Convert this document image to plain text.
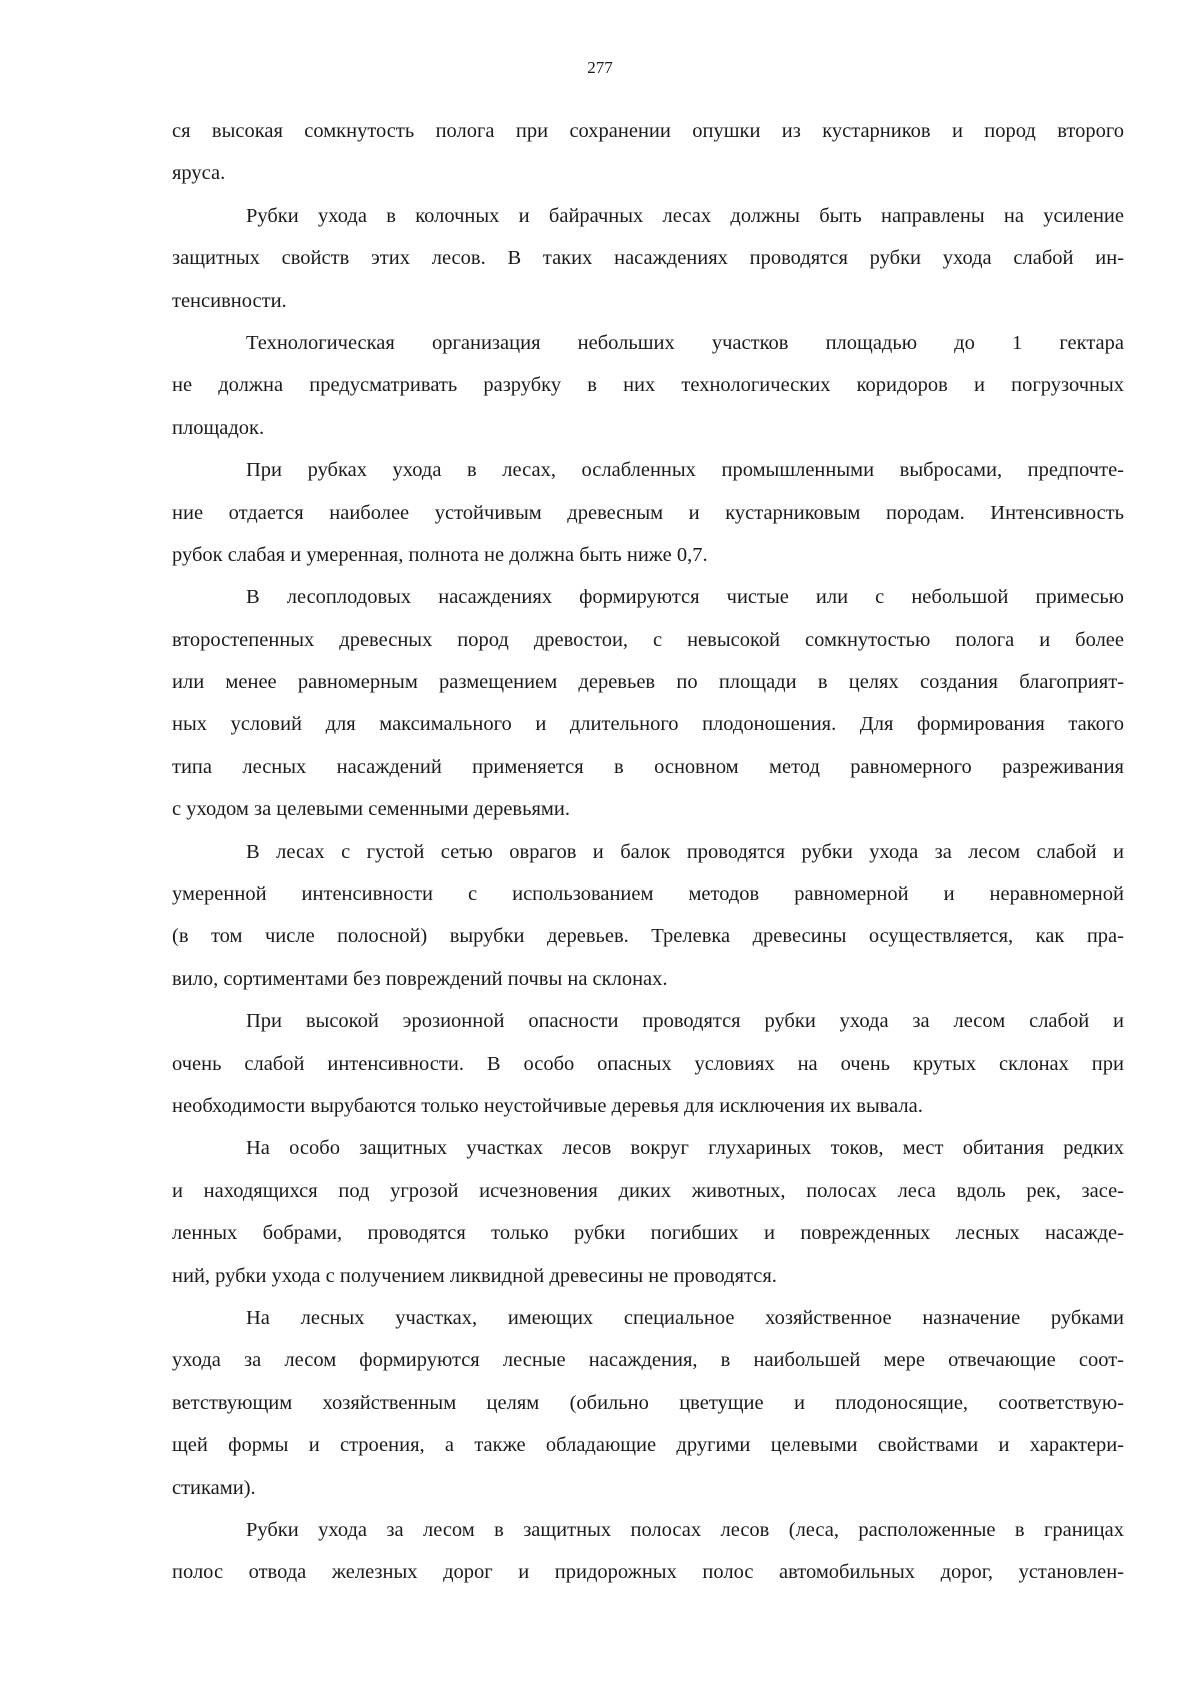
277
ся высокая сомкнутость полога при сохранении опушки из кустарников и пород второго
яруса.
Рубки ухода в колочных и байрачных лесах должны быть направлены на усиление
защитных свойств этих лесов. В таких насаждениях проводятся рубки ухода слабой ин-
тенсивности.
Технологическая организация небольших участков площадью до 1 гектара
не должна предусматривать разрубку в них технологических коридоров и погрузочных
площадок.
При рубках ухода в лесах, ослабленных промышленными выбросами, предпочте-
ние отдается наиболее устойчивым древесным и кустарниковым породам. Интенсивность
рубок слабая и умеренная, полнота не должна быть ниже 0,7.
В лесоплодовых насаждениях формируются чистые или с небольшой примесью
второстепенных древесных пород древостои, с невысокой сомкнутостью полога и более
или менее равномерным размещением деревьев по площади в целях создания благоприят-
ных условий для максимального и длительного плодоношения. Для формирования такого
типа лесных насаждений применяется в основном метод равномерного разреживания
с уходом за целевыми семенными деревьями.
В лесах с густой сетью оврагов и балок проводятся рубки ухода за лесом слабой и
умеренной интенсивности с использованием методов равномерной и неравномерной
(в том числе полосной) вырубки деревьев. Трелевка древесины осуществляется, как пра-
вило, сортиментами без повреждений почвы на склонах.
При высокой эрозионной опасности проводятся рубки ухода за лесом слабой и
очень слабой интенсивности. В особо опасных условиях на очень крутых склонах при
необходимости вырубаются только неустойчивые деревья для исключения их вывала.
На особо защитных участках лесов вокруг глухариных токов, мест обитания редких
и находящихся под угрозой исчезновения диких животных, полосах леса вдоль рек, засе-
ленных бобрами, проводятся только рубки погибших и поврежденных лесных насажде-
ний, рубки ухода с получением ликвидной древесины не проводятся.
На лесных участках, имеющих специальное хозяйственное назначение рубками
ухода за лесом формируются лесные насаждения, в наибольшей мере отвечающие соот-
ветствующим хозяйственным целям (обильно цветущие и плодоносящие, соответствую-
щей формы и строения, а также обладающие другими целевыми свойствами и характери-
стиками).
Рубки ухода за лесом в защитных полосах лесов (леса, расположенные в границах
полос отвода железных дорог и придорожных полос автомобильных дорог, установлен-
